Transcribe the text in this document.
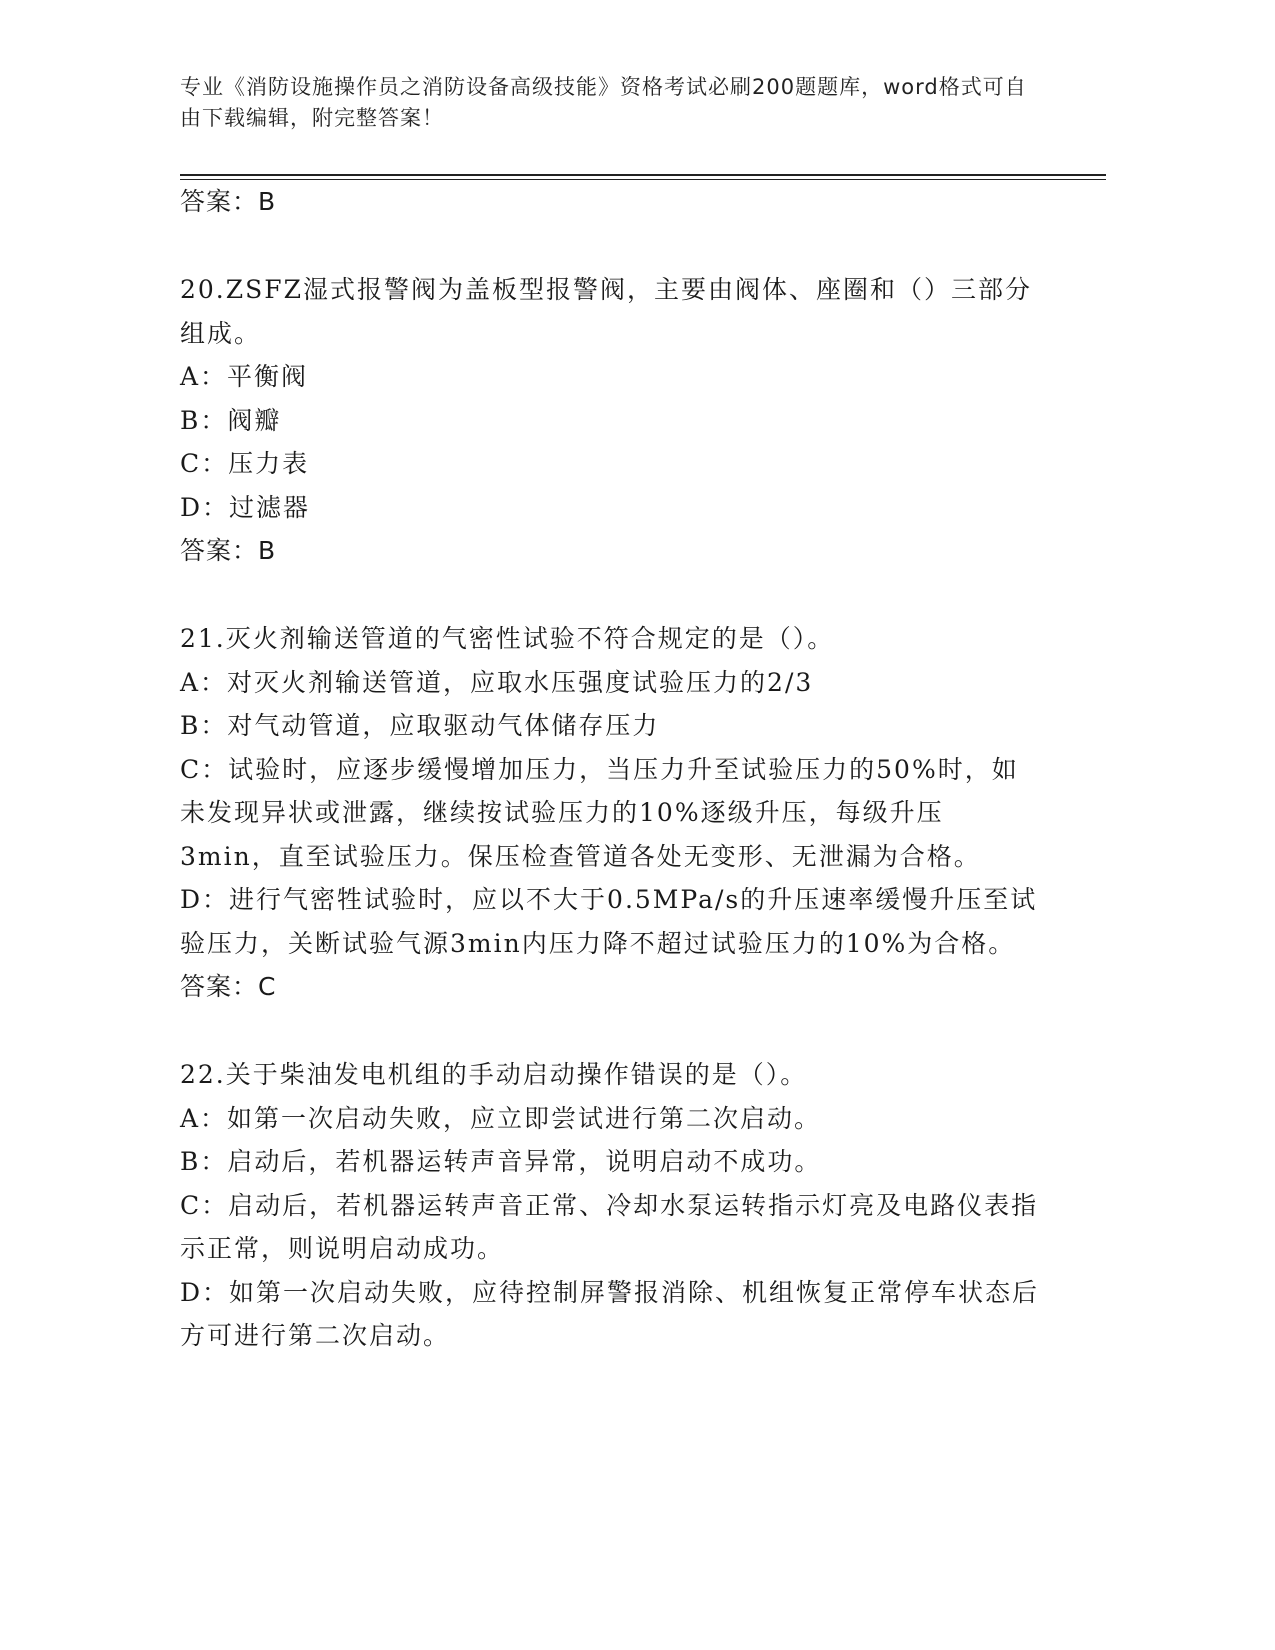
专业《消防设施操作员之消防设备高级技能》资格考试必刷200题题库，word格式可自由下载编辑，附完整答案！

答案：B

20.ZSFZ湿式报警阀为盖板型报警阀，主要由阀体、座圈和（）三部分组成。

A：平衡阀

B：阀瓣

C：压力表

D：过滤器

答案：B

21.灭火剂输送管道的气密性试验不符合规定的是（）。

A：对灭火剂输送管道，应取水压强度试验压力的2/3

B：对气动管道，应取驱动气体储存压力

C：试验时，应逐步缓慢增加压力，当压力升至试验压力的50%时，如未发现异状或泄露，继续按试验压力的10%逐级升压，每级升压3min，直至试验压力。保压检查管道各处无变形、无泄漏为合格。

D：进行气密牲试验时，应以不大于0.5MPa/s的升压速率缓慢升压至试验压力，关断试验气源3min内压力降不超过试验压力的10%为合格。

答案：C

22.关于柴油发电机组的手动启动操作错误的是（）。

A：如第一次启动失败，应立即尝试进行第二次启动。

B：启动后，若机器运转声音异常，说明启动不成功。

C：启动后，若机器运转声音正常、冷却水泵运转指示灯亮及电路仪表指示正常，则说明启动成功。

D：如第一次启动失败，应待控制屏警报消除、机组恢复正常停车状态后方可进行第二次启动。
